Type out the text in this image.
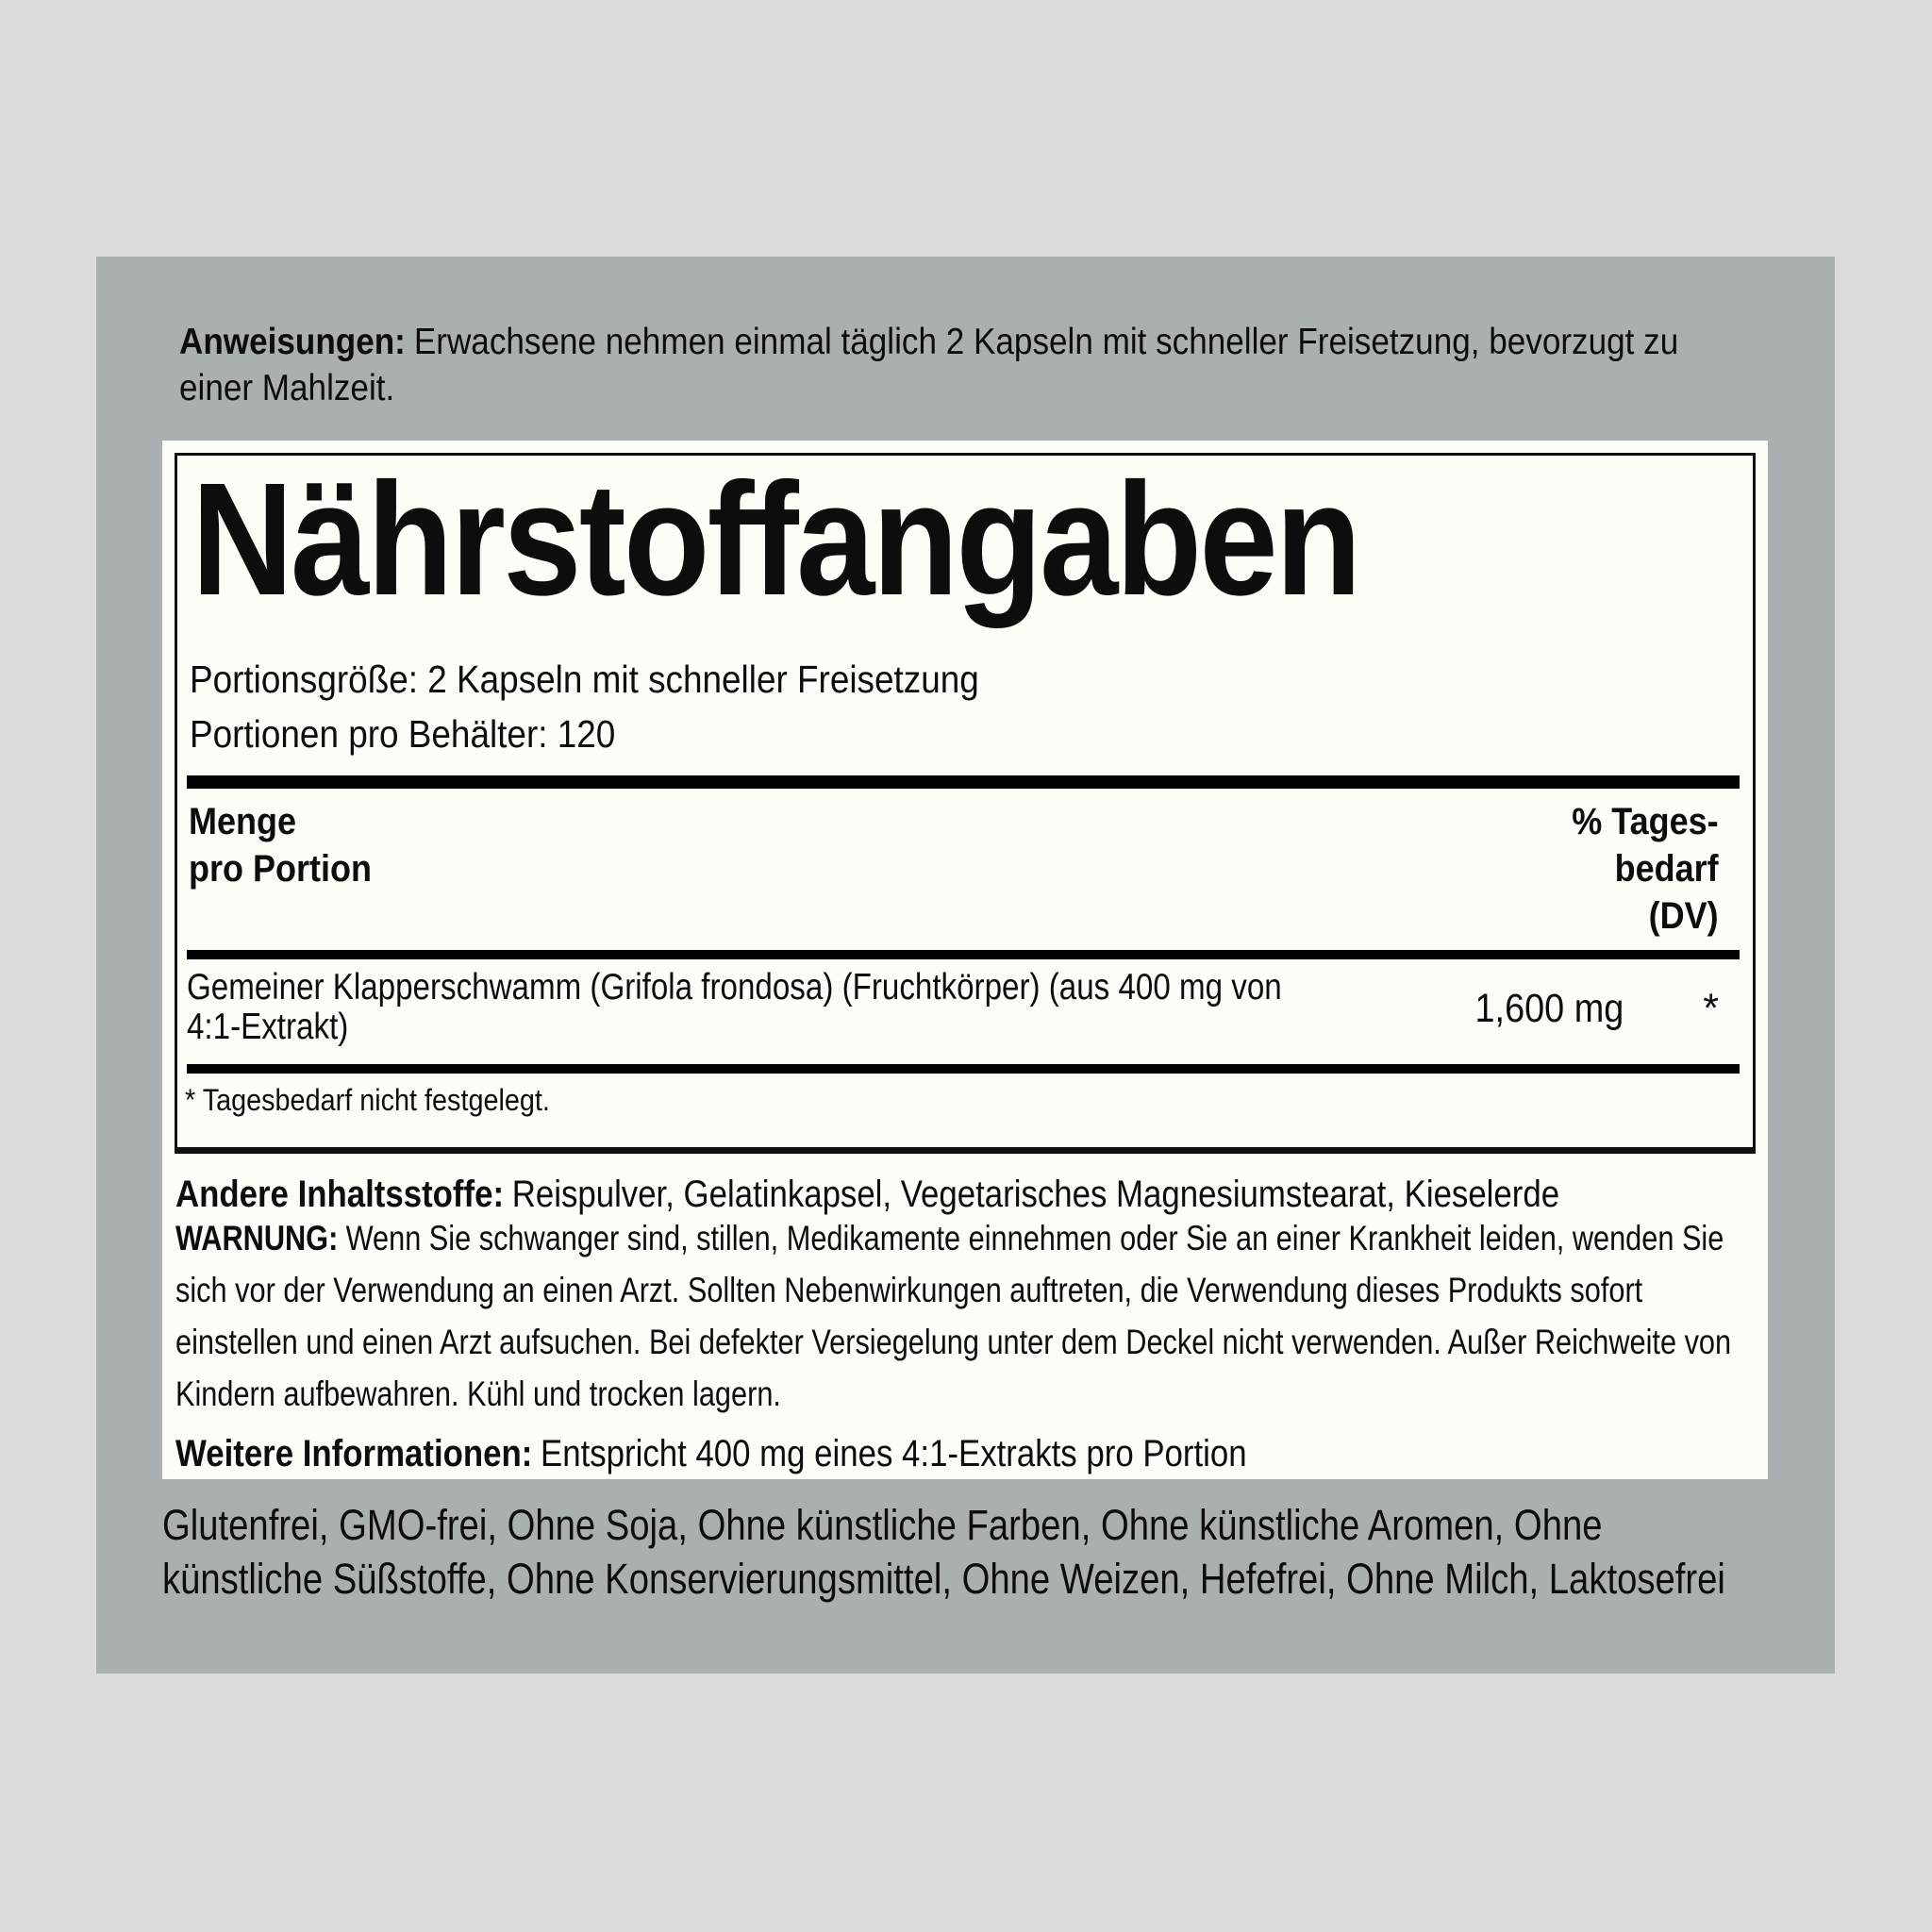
Anweisungen: Erwachsene nehmen einmal täglich 2 Kapseln mit schneller Freisetzung, bevorzugt zu
einer Mahlzeit.
Nährstoffangaben
Portionsgröße: 2 Kapseln mit schneller Freisetzung
Portionen pro Behälter: 120
Menge
pro Portion
% Tages-
bedarf
(DV)
Gemeiner Klapperschwamm (Grifola frondosa) (Fruchtkörper) (aus 400 mg von
4:1-Extrakt)	1,600 mg *
* Tagesbedarf nicht festgelegt.
Andere Inhaltsstoffe: Reispulver, Gelatinkapsel, Vegetarisches Magnesiumstearat, Kieselerde
WARNUNG: Wenn Sie schwanger sind, stillen, Medikamente einnehmen oder Sie an einer Krankheit leiden, wenden Sie
sich vor der Verwendung an einen Arzt. Sollten Nebenwirkungen auftreten, die Verwendung dieses Produkts sofort
einstellen und einen Arzt aufsuchen. Bei defekter Versiegelung unter dem Deckel nicht verwenden. Außer Reichweite von
Kindern aufbewahren. Kühl und trocken lagern.
Weitere Informationen: Entspricht 400 mg eines 4:1-Extrakts pro Portion
Glutenfrei, GMO-frei, Ohne Soja, Ohne künstliche Farben, Ohne künstliche Aromen, Ohne
künstliche Süßstoffe, Ohne Konservierungsmittel, Ohne Weizen, Hefefrei, Ohne Milch, Laktosefrei
